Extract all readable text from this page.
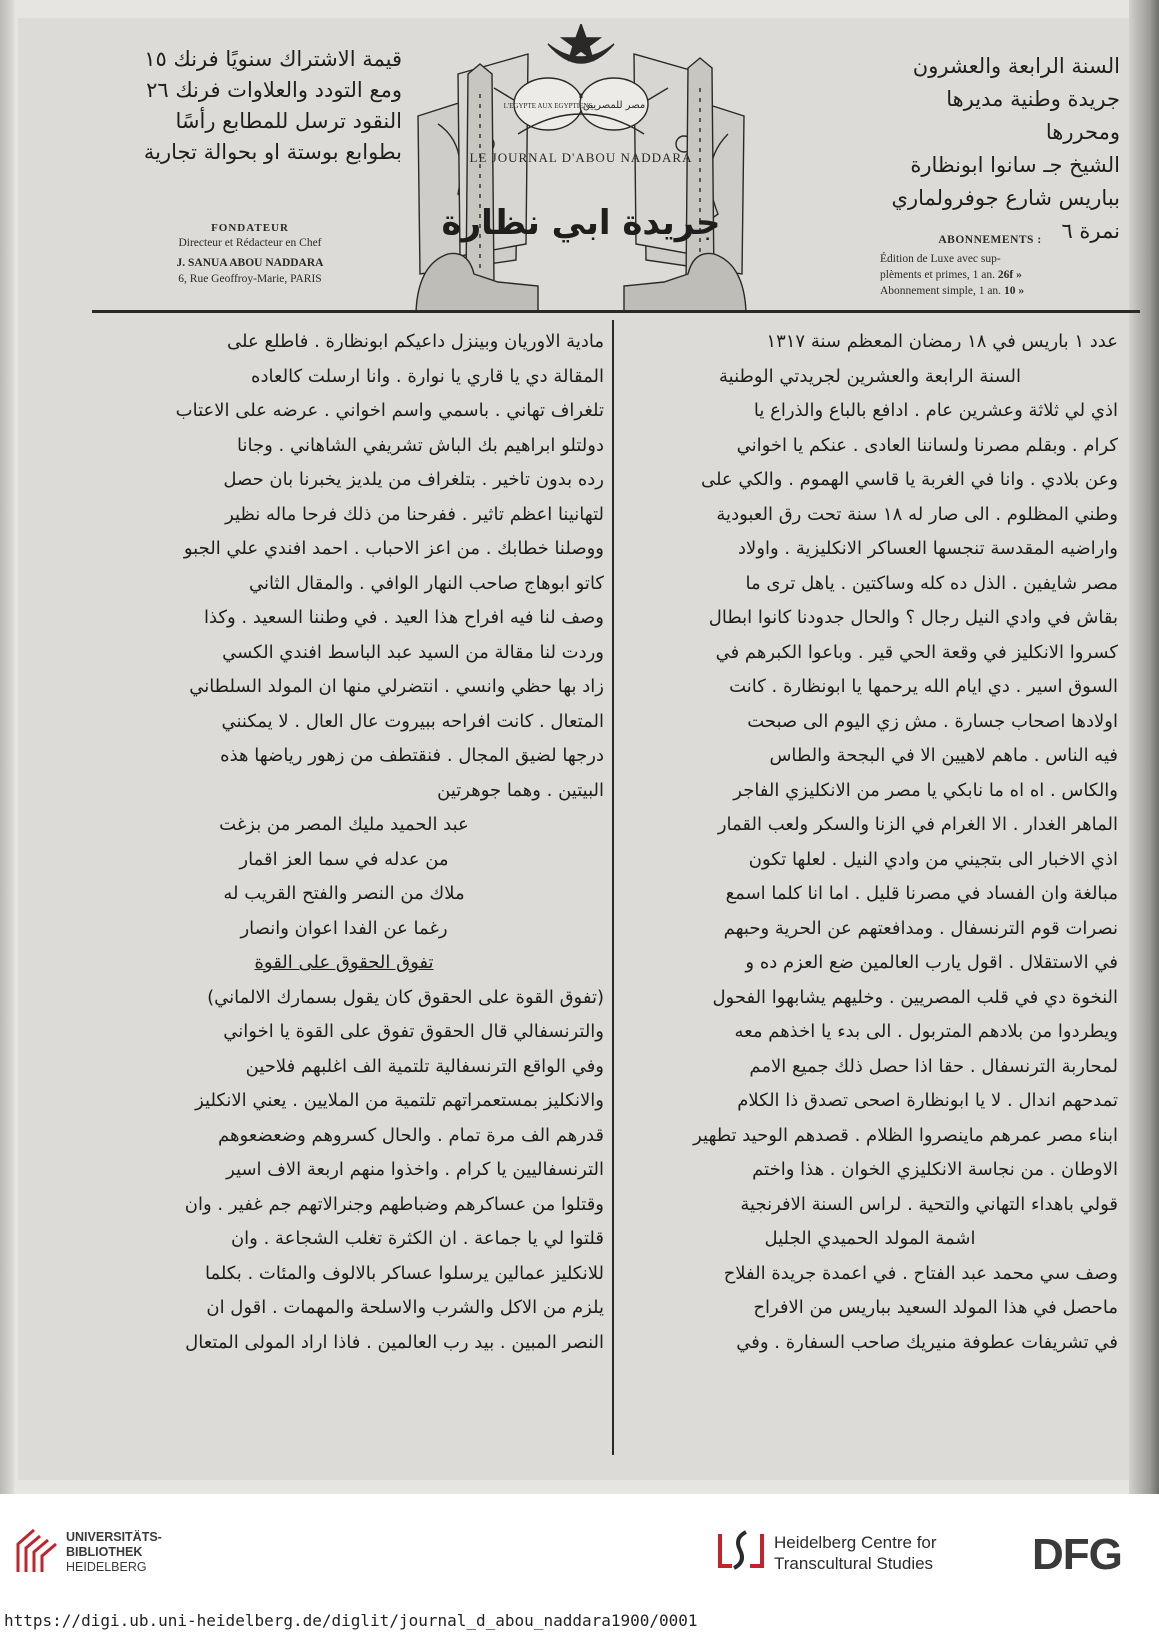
قيمة الاشتراك سنويًا فرنك ١٥

ومع التودد والعلاوات فرنك ٢٦

النقود ترسل للمطابع رأسًا

بطوابع بوستة او بحوالة تجارية

FONDATEUR
Directeur et Rédacteur en Chef
J. SANUA ABOU NADDARA
6, Rue Geoffroy-Marie, PARIS
L'EGYPTE AUX EGYPTIENS
مصر للمصريين
LE JOURNAL D'ABOU NADDARA
جريدة ابي نظارة

السنة الرابعة والعشرون

جريدة وطنية مديرها ومحررها

الشيخ جـ سانوا ابونظارة

بباريس شارع جوفرولماري نمرة ٦

ABONNEMENTS :
Édition de Luxe avec sup-
plèments et primes, 1 an. 26f »
Abonnement simple, 1 an. 10 »

عدد ١ باريس في ١٨ رمضان المعظم سنة ١٣١٧

السنة الرابعة والعشرين لجريدتي الوطنية

اذي لي ثلاثة وعشرين عام . ادافع بالباع والذراع يا

كرام . وبقلم مصرنا ولساننا العادى . عنكم يا اخواني

وعن بلادي . وانا في الغربة يا قاسي الهموم . والكي على

وطني المظلوم . الى صار له ١٨ سنة تحت رق العبودية

واراضيه المقدسة تنجسها العساكر الانكليزية . واولاد

مصر شايفين . الذل ده كله وساكتين . ياهل ترى ما

بقاش في وادي النيل رجال ؟ والحال جدودنا كانوا ابطال

كسروا الانكليز في وقعة الحي قير . وباعوا الكبرهم في

السوق اسير . دي ايام الله يرحمها يا ابونظارة . كانت

اولادها اصحاب جسارة . مش زي اليوم الى صبحت

فيه الناس . ماهم لاهيين الا في البجحة والطاس

والكاس . اه اه ما نابكي يا مصر من الانكليزي الفاجر

الماهر الغدار . الا الغرام في الزنا والسكر ولعب القمار

اذي الاخبار الى بتجيني من وادي النيل . لعلها تكون

مبالغة وان الفساد في مصرنا قليل . اما انا كلما اسمع

نصرات قوم الترنسفال . ومدافعتهم عن الحرية وحبهم

في الاستقلال . اقول يارب العالمين ضع العزم ده و

النخوة دي في قلب المصريين . وخليهم يشابهوا الفحول

ويطردوا من بلادهم المتربول . الى بدء يا اخذهم معه

لمحاربة الترنسفال . حقا اذا حصل ذلك جميع الامم

تمدحهم اندال . لا يا ابونظارة اصحى تصدق ذا الكلام

ابناء مصر عمرهم ماينصروا الظلام . قصدهم الوحيد تطهير

الاوطان . من نجاسة الانكليزي الخوان . هذا واختم

قولي باهداء التهاني والتحية . لراس السنة الافرنجية

اشمة المولد الحميدي الجليل

وصف سي محمد عبد الفتاح . في اعمدة جريدة الفلاح

ماحصل في هذا المولد السعيد بباريس من الافراح

في تشريفات عطوفة منيريك صاحب السفارة . وفي

مادية الاوريان وبينزل داعيكم ابونظارة . فاطلع على

المقالة دي يا قاري يا نوارة . وانا ارسلت كالعاده

تلغراف تهاني . باسمي واسم اخواني . عرضه على الاعتاب

دولتلو ابراهيم بك الباش تشريفي الشاهاني . وجانا

رده بدون تاخير . بتلغراف من يلديز يخبرنا بان حصل

لتهانينا اعظم تاثير . ففرحنا من ذلك فرحا ماله نظير

ووصلنا خطابك . من اعز الاحباب . احمد افندي علي الجبو

كاتو ابوهاج صاحب النهار الوافي . والمقال الثاني

وصف لنا فيه افراح هذا العيد . في وطننا السعيد . وكذا

وردت لنا مقالة من السيد عبد الباسط افندي الكسي

زاد بها حظي وانسي . انتضرلي منها ان المولد السلطاني

المتعال . كانت افراحه ببيروت عال العال . لا يمكنني

درجها لضيق المجال . فنقتطف من زهور رياضها هذه

البيتين . وهما جوهرتين

عبد الحميد مليك المصر من بزغت

من عدله في سما العز اقمار

ملاك من النصر والفتح القريب له

رغما عن الفدا اعوان وانصار

تفوق الحقوق على القوة

(تفوق القوة على الحقوق كان يقول بسمارك الالماني)

والترنسفالي قال الحقوق تفوق على القوة يا اخواني

وفي الواقع الترنسفالية تلتمية الف اغلبهم فلاحين

والانكليز بمستعمراتهم تلتمية من الملايين . يعني الانكليز

قدرهم الف مرة تمام . والحال كسروهم وضعضعوهم

الترنسفاليين يا كرام . واخذوا منهم اربعة الاف اسير

وقتلوا من عساكرهم وضباطهم وجنرالاتهم جم غفير . وان

قلتوا لي يا جماعة . ان الكثرة تغلب الشجاعة . وان

للانكليز عمالين يرسلوا عساكر بالالوف والمئات . بكلما

يلزم من الاكل والشرب والاسلحة والمهمات . اقول ان

النصر المبين . بيد رب العالمين . فاذا اراد المولى المتعال

UNIVERSITÄTS-
BIBLIOTHEK
HEIDELBERG
Heidelberg Centre for
Transcultural Studies DFG
https://digi.ub.uni-heidelberg.de/diglit/journal_d_abou_naddara1900/0001
